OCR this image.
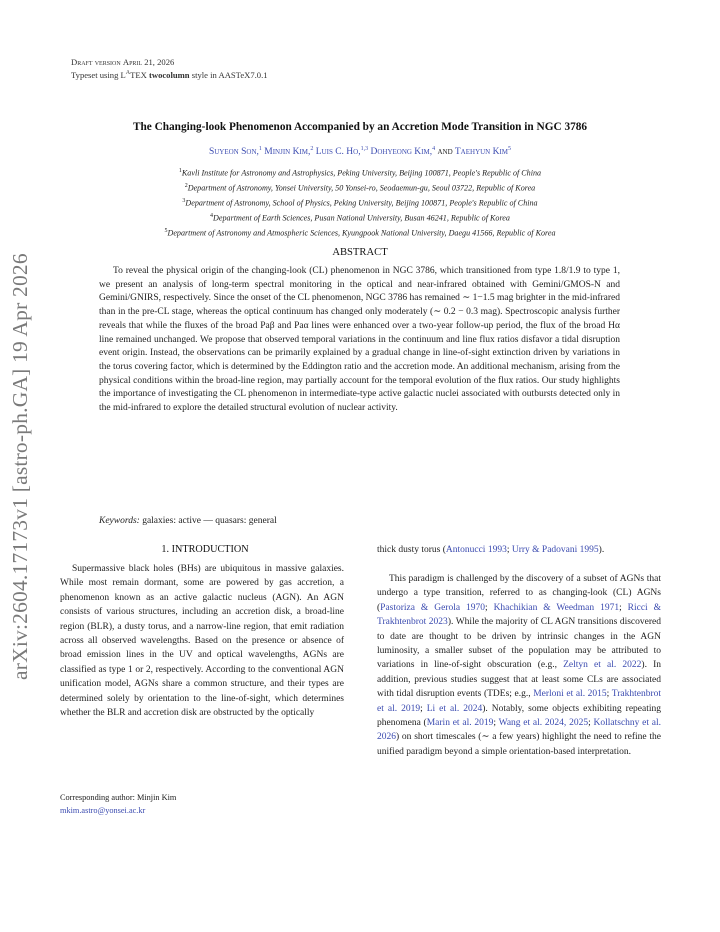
Draft version April 21, 2026
Typeset using $L^ATEX$ twocolumn style in AASTeX7.0.1
arXiv:2604.17173v1 [astro-ph.GA] 19 Apr 2026
The Changing-look Phenomenon Accompanied by an Accretion Mode Transition in NGC 3786
Suyeon Son,$^1$ Minjin Kim,$^2$ Luis C. Ho,$^{1,3}$ Dohyeong Kim,$^4$ and Taehyun Kim$^5$
$^1$Kavli Institute for Astronomy and Astrophysics, Peking University, Beijing 100871, People's Republic of China
$^2$Department of Astronomy, Yonsei University, 50 Yonsei-ro, Seodaemun-gu, Seoul 03722, Republic of Korea
$^3$Department of Astronomy, School of Physics, Peking University, Beijing 100871, People's Republic of China
$^4$Department of Earth Sciences, Pusan National University, Busan 46241, Republic of Korea
$^5$Department of Astronomy and Atmospheric Sciences, Kyungpook National University, Daegu 41566, Republic of Korea
ABSTRACT
To reveal the physical origin of the changing-look (CL) phenomenon in NGC 3786, which transitioned from type 1.8/1.9 to type 1, we present an analysis of long-term spectral monitoring in the optical and near-infrared obtained with Gemini/GMOS-N and Gemini/GNIRS, respectively. Since the onset of the CL phenomenon, NGC 3786 has remained ∼ 1−1.5 mag brighter in the mid-infrared than in the pre-CL stage, whereas the optical continuum has changed only moderately (∼ 0.2 − 0.3 mag). Spectroscopic analysis further reveals that while the fluxes of the broad Paβ and Paα lines were enhanced over a two-year follow-up period, the flux of the broad Hα line remained unchanged. We propose that observed temporal variations in the continuum and line flux ratios disfavor a tidal disruption event origin. Instead, the observations can be primarily explained by a gradual change in line-of-sight extinction driven by variations in the torus covering factor, which is determined by the Eddington ratio and the accretion mode. An additional mechanism, arising from the physical conditions within the broad-line region, may partially account for the temporal evolution of the flux ratios. Our study highlights the importance of investigating the CL phenomenon in intermediate-type active galactic nuclei associated with outbursts detected only in the mid-infrared to explore the detailed structural evolution of nuclear activity.
Keywords: galaxies: active — quasars: general
1. INTRODUCTION
Supermassive black holes (BHs) are ubiquitous in massive galaxies. While most remain dormant, some are powered by gas accretion, a phenomenon known as an active galactic nucleus (AGN). An AGN consists of various structures, including an accretion disk, a broad-line region (BLR), a dusty torus, and a narrow-line region, that emit radiation across all observed wavelengths. Based on the presence or absence of broad emission lines in the UV and optical wavelengths, AGNs are classified as type 1 or 2, respectively. According to the conventional AGN unification model, AGNs share a common structure, and their types are determined solely by orientation to the line-of-sight, which determines whether the BLR and accretion disk are obstructed by the optically
thick dusty torus (Antonucci 1993; Urry & Padovani 1995).
This paradigm is challenged by the discovery of a subset of AGNs that undergo a type transition, referred to as changing-look (CL) AGNs (Pastoriza & Gerola 1970; Khachikian & Weedman 1971; Ricci & Trakhtenbrot 2023). While the majority of CL AGN transitions discovered to date are thought to be driven by intrinsic changes in the AGN luminosity, a smaller subset of the population may be attributed to variations in line-of-sight obscuration (e.g., Zeltyn et al. 2022). In addition, previous studies suggest that at least some CLs are associated with tidal disruption events (TDEs; e.g., Merloni et al. 2015; Trakhtenbrot et al. 2019; Li et al. 2024). Notably, some objects exhibiting repeating phenomena (Marin et al. 2019; Wang et al. 2024, 2025; Kollatschny et al. 2026) on short timescales (∼ a few years) highlight the need to refine the unified paradigm beyond a simple orientation-based interpretation.
Corresponding author: Minjin Kim
mkim.astro@yonsei.ac.kr
